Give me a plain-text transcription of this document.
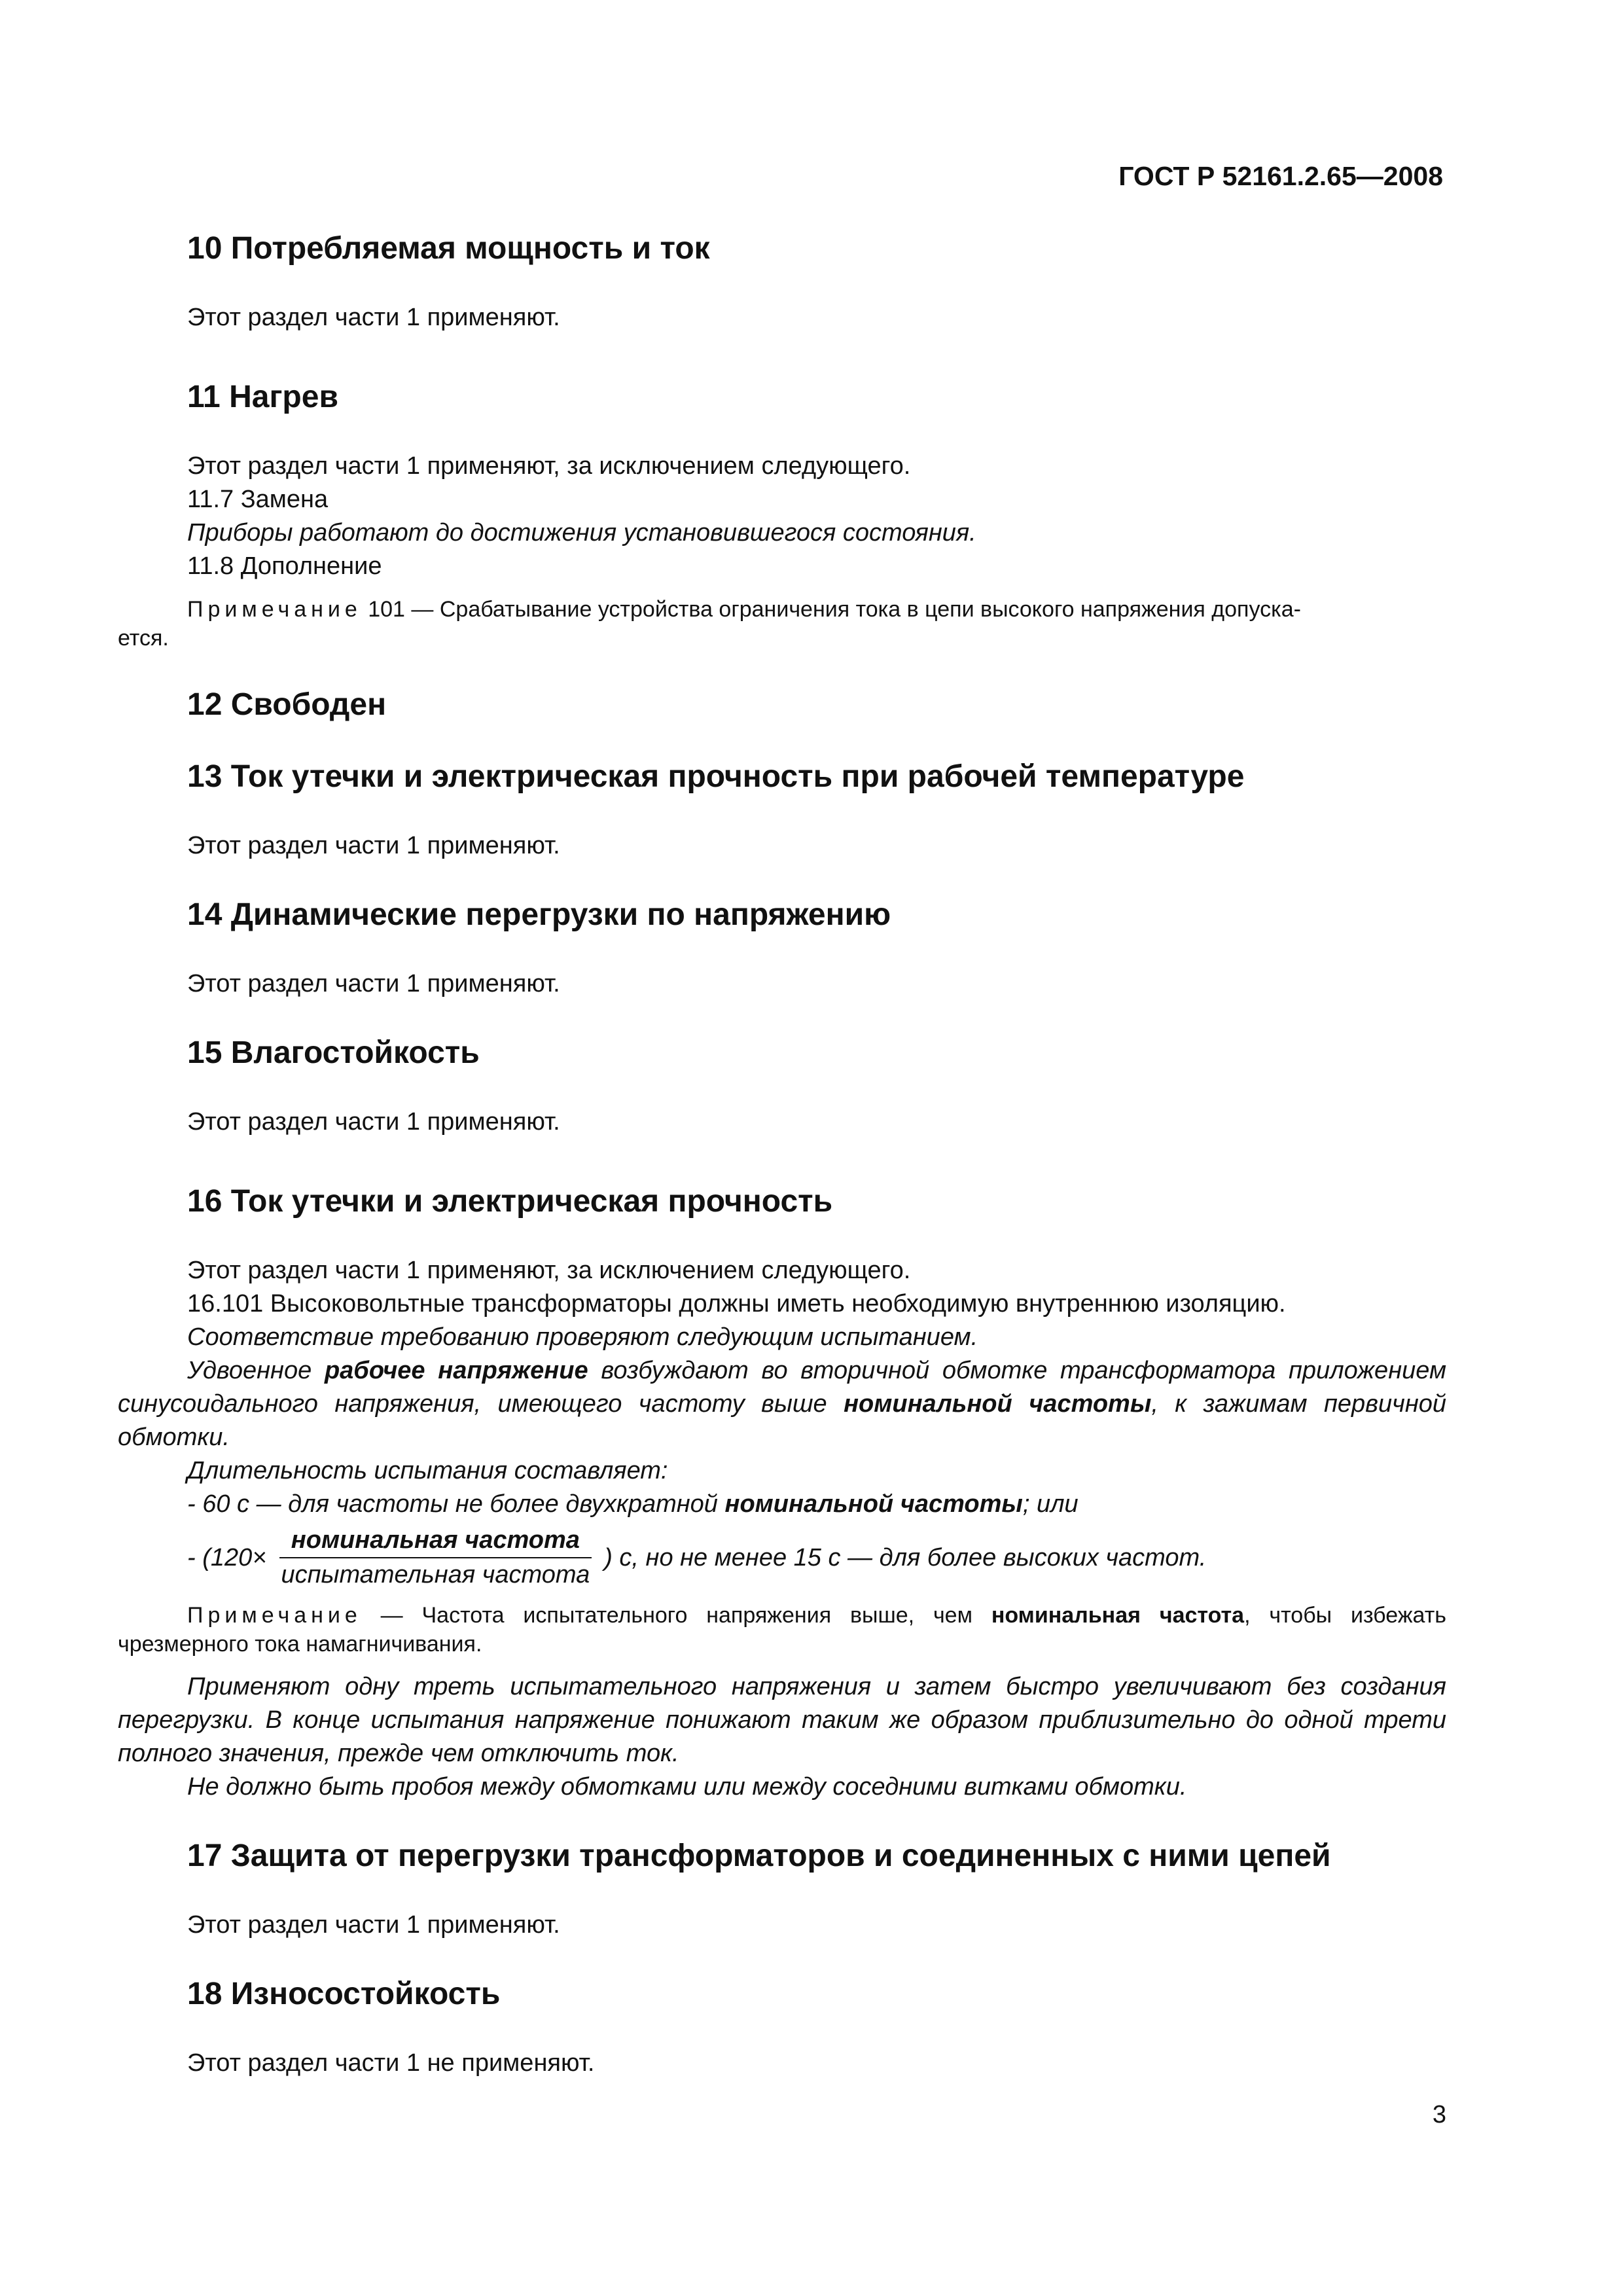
ГОСТ Р 52161.2.65—2008
10 Потребляемая мощность и ток

Этот раздел части 1 применяют.

11 Нагрев

Этот раздел части 1 применяют, за исключением следующего.

11.7 Замена

Приборы работают до достижения установившегося состояния.

11.8 Дополнение

Примечание 101 — Срабатывание устройства ограничения тока в цепи высокого напряжения допуска-

ется.

12 Свободен
13 Ток утечки и электрическая прочность при рабочей температуре

Этот раздел части 1 применяют.

14 Динамические перегрузки по напряжению

Этот раздел части 1 применяют.

15 Влагостойкость

Этот раздел части 1 применяют.

16 Ток утечки и электрическая прочность

Этот раздел части 1 применяют, за исключением следующего.

16.101 Высоковольтные трансформаторы должны иметь необходимую внутреннюю изоляцию.

Соответствие требованию проверяют следующим испытанием.

Удвоенное рабочее напряжение возбуждают во вторичной обмотке трансформатора приложением синусоидального напряжения, имеющего частоту выше номинальной частоты, к зажимам первичной обмотки.

Длительность испытания составляет:

- 60 с — для частоты не более двухкратной номинальной частоты; или

- ($120\times \frac{\text{номинальная частота}}{\text{испытательная частота}}$ ) с, но не менее 15 с — для более высоких частот.

Примечание — Частота испытательного напряжения выше, чем номинальная частота, чтобы избежать чрезмерного тока намагничивания.

Применяют одну треть испытательного напряжения и затем быстро увеличивают без создания перегрузки. В конце испытания напряжение понижают таким же образом приблизительно до одной трети полного значения, прежде чем отключить ток.

Не должно быть пробоя между обмотками или между соседними витками обмотки.

17 Защита от перегрузки трансформаторов и соединенных с ними цепей

Этот раздел части 1 применяют.

18 Износостойкость

Этот раздел части 1 не применяют.

3
